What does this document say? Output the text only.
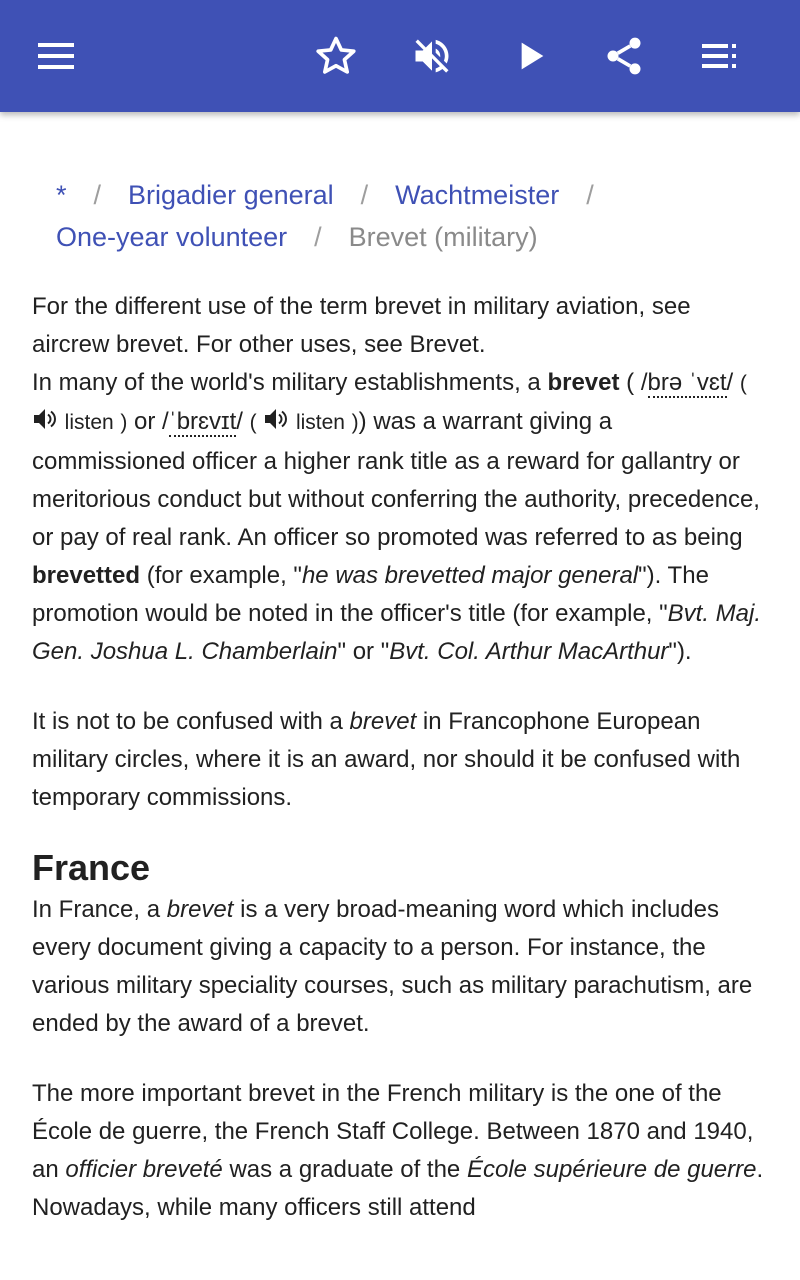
* / Brigadier general / Wachtmeister /
One-year volunteer / Brevet (military)

For the different use of the term brevet in military aviation, see aircrew brevet. For other uses, see Brevet.

In many of the world's military establishments, a brevet ( /brə ˈvɛt/ ( listen ) or /ˈbrɛvɪt/ ( listen )) was a warrant giving a commissioned officer a higher rank title as a reward for gallantry or meritorious conduct but without conferring the authority, precedence, or pay of real rank. An officer so promoted was referred to as being brevetted (for example, "he was brevetted major general"). The promotion would be noted in the officer's title (for example, "Bvt. Maj. Gen. Joshua L. Chamberlain" or "Bvt. Col. Arthur MacArthur").

It is not to be confused with a brevet in Francophone European military circles, where it is an award, nor should it be confused with temporary commissions.

France

In France, a brevet is a very broad-meaning word which includes every document giving a capacity to a person. For instance, the various military speciality courses, such as military parachutism, are ended by the award of a brevet.

The more important brevet in the French military is the one of the École de guerre, the French Staff College. Between 1870 and 1940, an officier breveté was a graduate of the École supérieure de guerre. Nowadays, while many officers still attend
